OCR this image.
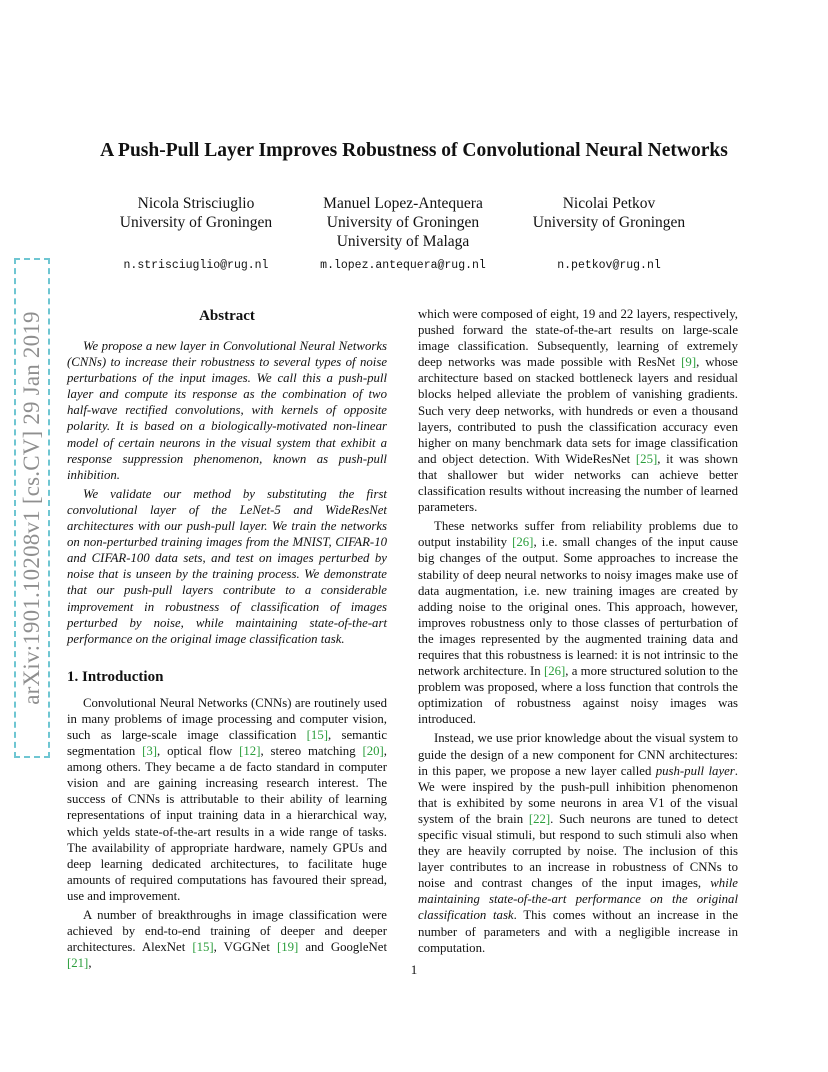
arXiv:1901.10208v1 [cs.CV] 29 Jan 2019
A Push-Pull Layer Improves Robustness of Convolutional Neural Networks
Nicola Strisciuglio
University of Groningen
n.strisciuglio@rug.nl
Manuel Lopez-Antequera
University of Groningen
University of Malaga
m.lopez.antequera@rug.nl
Nicolai Petkov
University of Groningen
n.petkov@rug.nl
Abstract

We propose a new layer in Convolutional Neural Networks (CNNs) to increase their robustness to several types of noise perturbations of the input images. We call this a push-pull layer and compute its response as the combination of two half-wave rectified convolutions, with kernels of opposite polarity. It is based on a biologically-motivated non-linear model of certain neurons in the visual system that exhibit a response suppression phenomenon, known as push-pull inhibition.

We validate our method by substituting the first convolutional layer of the LeNet-5 and WideResNet architectures with our push-pull layer. We train the networks on non-perturbed training images from the MNIST, CIFAR-10 and CIFAR-100 data sets, and test on images perturbed by noise that is unseen by the training process. We demonstrate that our push-pull layers contribute to a considerable improvement in robustness of classification of images perturbed by noise, while maintaining state-of-the-art performance on the original image classification task.

1. Introduction

Convolutional Neural Networks (CNNs) are routinely used in many problems of image processing and computer vision, such as large-scale image classification [15], semantic segmentation [3], optical flow [12], stereo matching [20], among others. They became a de facto standard in computer vision and are gaining increasing research interest. The success of CNNs is attributable to their ability of learning representations of input training data in a hierarchical way, which yelds state-of-the-art results in a wide range of tasks. The availability of appropriate hardware, namely GPUs and deep learning dedicated architectures, to facilitate huge amounts of required computations has favoured their spread, use and improvement.

A number of breakthroughs in image classification were achieved by end-to-end training of deeper and deeper architectures. AlexNet [15], VGGNet [19] and GoogleNet [21],

which were composed of eight, 19 and 22 layers, respectively, pushed forward the state-of-the-art results on large-scale image classification. Subsequently, learning of extremely deep networks was made possible with ResNet [9], whose architecture based on stacked bottleneck layers and residual blocks helped alleviate the problem of vanishing gradients. Such very deep networks, with hundreds or even a thousand layers, contributed to push the classification accuracy even higher on many benchmark data sets for image classification and object detection. With WideResNet [25], it was shown that shallower but wider networks can achieve better classification results without increasing the number of learned parameters.

These networks suffer from reliability problems due to output instability [26], i.e. small changes of the input cause big changes of the output. Some approaches to increase the stability of deep neural networks to noisy images make use of data augmentation, i.e. new training images are created by adding noise to the original ones. This approach, however, improves robustness only to those classes of perturbation of the images represented by the augmented training data and requires that this robustness is learned: it is not intrinsic to the network architecture. In [26], a more structured solution to the problem was proposed, where a loss function that controls the optimization of robustness against noisy images was introduced.

Instead, we use prior knowledge about the visual system to guide the design of a new component for CNN architectures: in this paper, we propose a new layer called push-pull layer. We were inspired by the push-pull inhibition phenomenon that is exhibited by some neurons in area V1 of the visual system of the brain [22]. Such neurons are tuned to detect specific visual stimuli, but respond to such stimuli also when they are heavily corrupted by noise. The inclusion of this layer contributes to an increase in robustness of CNNs to noise and contrast changes of the input images, while maintaining state-of-the-art performance on the original classification task. This comes without an increase in the number of parameters and with a negligible increase in computation.

1
